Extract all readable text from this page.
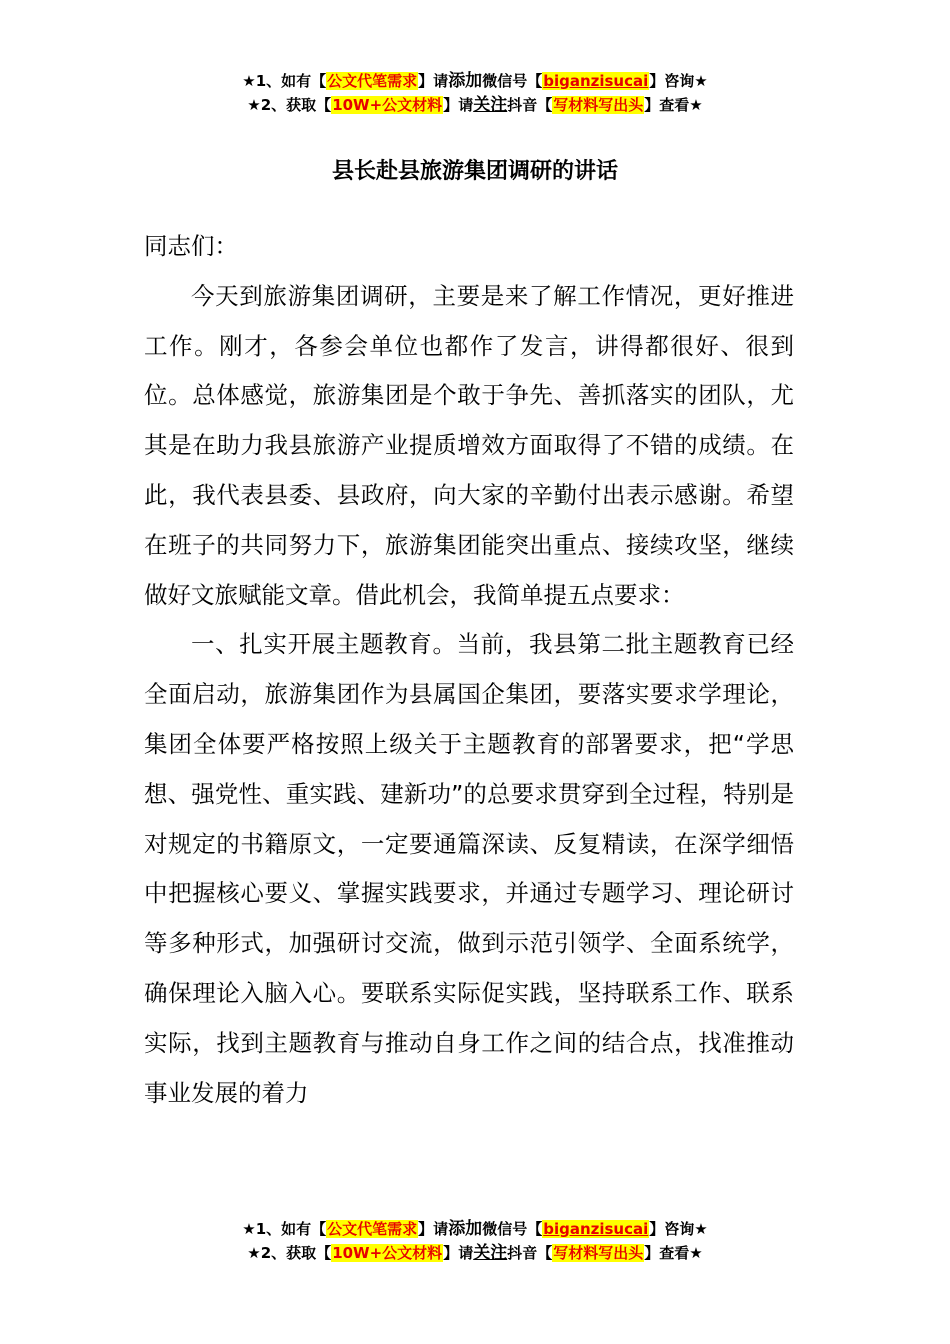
★1、如有【公文代笔需求】请添加微信号【biganzisucai】咨询★
★2、获取【10W+公文材料】请关注抖音【写材料写出头】查看★
县长赴县旅游集团调研的讲话

同志们：

今天到旅游集团调研，主要是来了解工作情况，更好推进工作。刚才，各参会单位也都作了发言，讲得都很好、很到位。总体感觉，旅游集团是个敢于争先、善抓落实的团队，尤其是在助力我县旅游产业提质增效方面取得了不错的成绩。在此，我代表县委、县政府，向大家的辛勤付出表示感谢。希望在班子的共同努力下，旅游集团能突出重点、接续攻坚，继续做好文旅赋能文章。借此机会，我简单提五点要求：

一、扎实开展主题教育。当前，我县第二批主题教育已经全面启动，旅游集团作为县属国企集团，要落实要求学理论，集团全体要严格按照上级关于主题教育的部署要求，把“学思想、强党性、重实践、建新功”的总要求贯穿到全过程，特别是对规定的书籍原文，一定要通篇深读、反复精读，在深学细悟中把握核心要义、掌握实践要求，并通过专题学习、理论研讨等多种形式，加强研讨交流，做到示范引领学、全面系统学，确保理论入脑入心。要联系实际促实践，坚持联系工作、联系实际，找到主题教育与推动自身工作之间的结合点，找准推动事业发展的着力

★1、如有【公文代笔需求】请添加微信号【biganzisucai】咨询★
★2、获取【10W+公文材料】请关注抖音【写材料写出头】查看★
